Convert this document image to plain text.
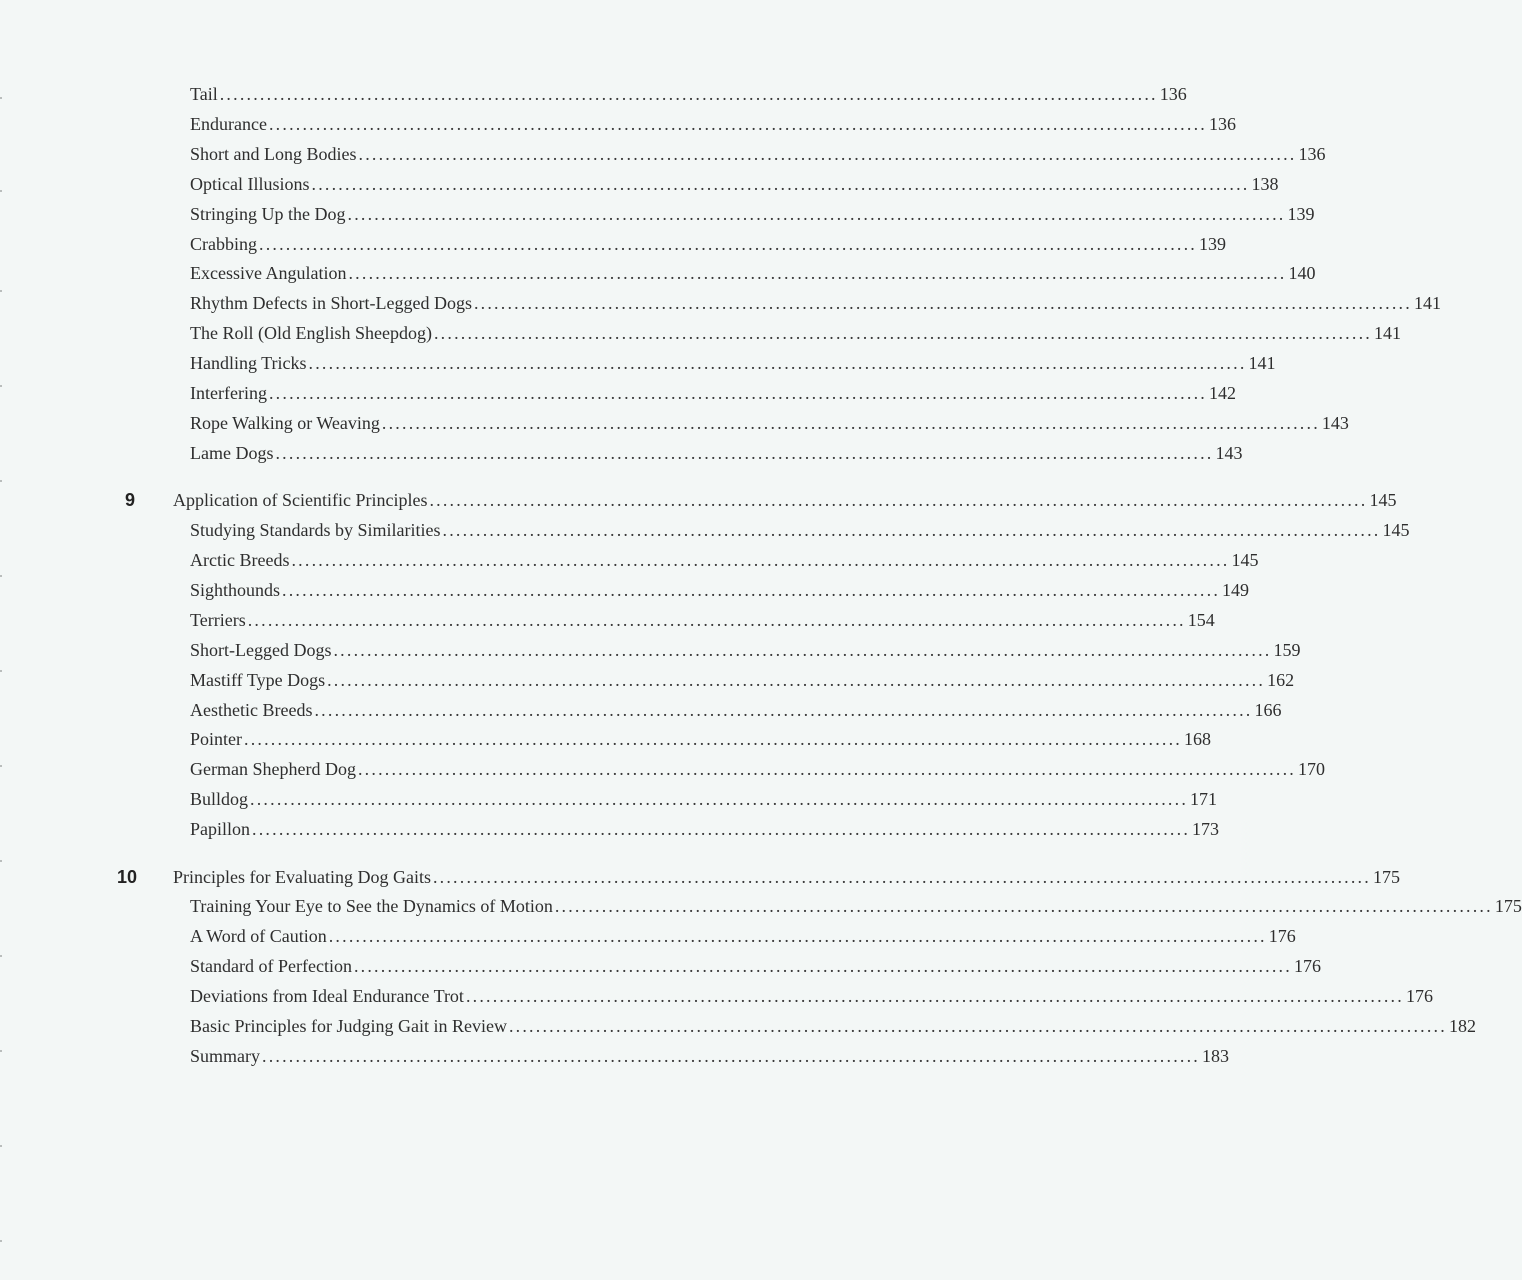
Tail ............................................................................................................................................ 136
Endurance ............................................................................................................................................ 136
Short and Long Bodies ............................................................................................................................................ 136
Optical Illusions ............................................................................................................................................ 138
Stringing Up the Dog ............................................................................................................................................ 139
Crabbing ............................................................................................................................................ 139
Excessive Angulation ............................................................................................................................................ 140
Rhythm Defects in Short-Legged Dogs ............................................................................................................................................ 141
The Roll (Old English Sheepdog) ............................................................................................................................................ 141
Handling Tricks ............................................................................................................................................ 141
Interfering ............................................................................................................................................ 142
Rope Walking or Weaving ............................................................................................................................................ 143
Lame Dogs ............................................................................................................................................ 143
9 Application of Scientific Principles ............................................................................................................................................ 145
Studying Standards by Similarities ............................................................................................................................................ 145
Arctic Breeds ............................................................................................................................................ 145
Sighthounds ............................................................................................................................................ 149
Terriers ............................................................................................................................................ 154
Short-Legged Dogs ............................................................................................................................................ 159
Mastiff Type Dogs ............................................................................................................................................ 162
Aesthetic Breeds ............................................................................................................................................ 166
Pointer ............................................................................................................................................ 168
German Shepherd Dog ............................................................................................................................................ 170
Bulldog ............................................................................................................................................ 171
Papillon ............................................................................................................................................ 173
10 Principles for Evaluating Dog Gaits ............................................................................................................................................ 175
Training Your Eye to See the Dynamics of Motion ............................................................................................................................................ 175
A Word of Caution ............................................................................................................................................ 176
Standard of Perfection ............................................................................................................................................ 176
Deviations from Ideal Endurance Trot ............................................................................................................................................ 176
Basic Principles for Judging Gait in Review ............................................................................................................................................ 182
Summary ............................................................................................................................................ 183
